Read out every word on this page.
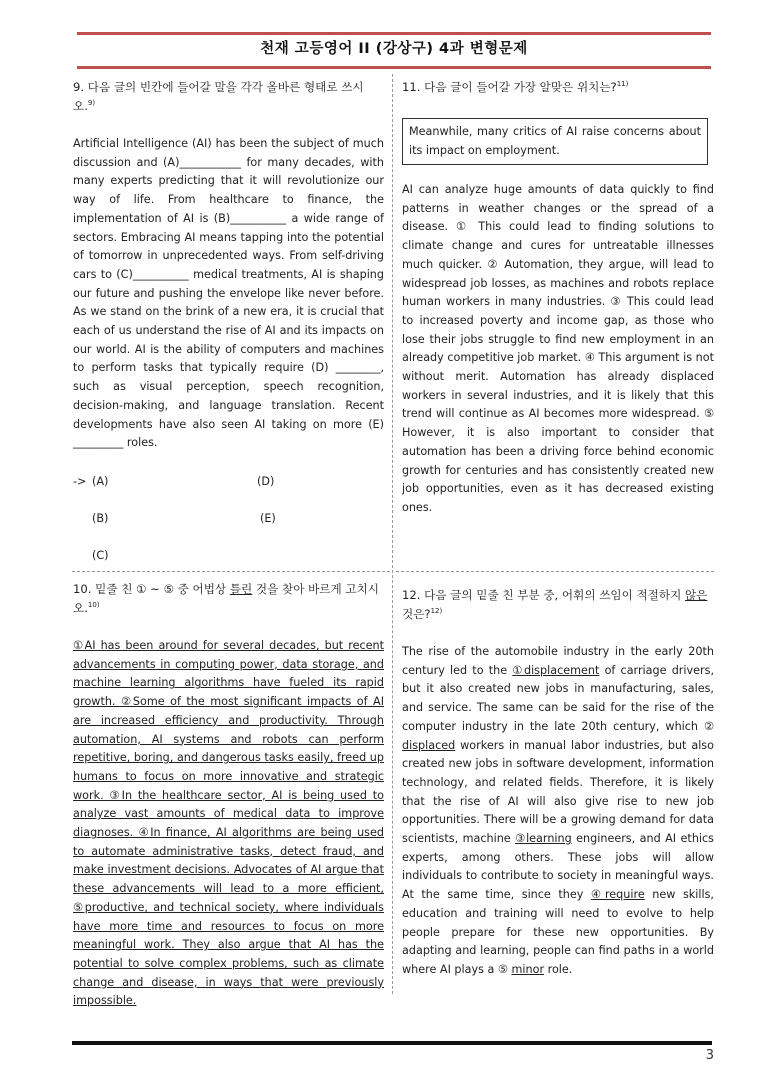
천재 고등영어 II (강상구) 4과 변형문제

9. 다음 글의 빈칸에 들어갈 말을 각각 올바른 형태로 쓰시오.$^{9)}$

Artificial Intelligence (AI) has been the subject of much discussion and (A)___________ for many decades, with many experts predicting that it will revolutionize our way of life. From healthcare to finance, the implementation of AI is (B)__________ a wide range of sectors. Embracing AI means tapping into the potential of tomorrow in unprecedented ways. From self-driving cars to (C)__________ medical treatments, AI is shaping our future and pushing the envelope like never before. As we stand on the brink of a new era, it is crucial that each of us understand the rise of AI and its impacts on our world. AI is the ability of computers and machines to perform tasks that typically require (D) ________, such as visual perception, speech recognition, decision-making, and language translation. Recent developments have also seen AI taking on more (E) _________ roles.

-> (A)	(D)
(B)	(E)
(C)

10. 밑줄 친 ① ~ ⑤ 중 어법상 틀린 것을 찾아 바르게 고치시오.$^{10)}$

①AI has been around for several decades, but recent advancements in computing power, data storage, and machine learning algorithms have fueled its rapid growth. ②Some of the most significant impacts of AI are increased efficiency and productivity. Through automation, AI systems and robots can perform repetitive, boring, and dangerous tasks easily, freed up humans to focus on more innovative and strategic work. ③In the healthcare sector, AI is being used to analyze vast amounts of medical data to improve diagnoses. ④In finance, AI algorithms are being used to automate administrative tasks, detect fraud, and make investment decisions. Advocates of AI argue that these advancements will lead to a more efficient, ⑤productive, and technical society, where individuals have more time and resources to focus on more meaningful work. They also argue that AI has the potential to solve complex problems, such as climate change and disease, in ways that were previously impossible.

11. 다음 글이 들어갈 가장 알맞은 위치는?$^{11)}$

Meanwhile, many critics of AI raise concerns about its impact on employment.

AI can analyze huge amounts of data quickly to find patterns in weather changes or the spread of a disease. ① This could lead to finding solutions to climate change and cures for untreatable illnesses much quicker. ② Automation, they argue, will lead to widespread job losses, as machines and robots replace human workers in many industries. ③ This could lead to increased poverty and income gap, as those who lose their jobs struggle to find new employment in an already competitive job market. ④ This argument is not without merit. Automation has already displaced workers in several industries, and it is likely that this trend will continue as AI becomes more widespread. ⑤ However, it is also important to consider that automation has been a driving force behind economic growth for centuries and has consistently created new job opportunities, even as it has decreased existing ones.

12. 다음 글의 밑줄 친 부분 중, 어휘의 쓰임이 적절하지 않은 것은?$^{12)}$

The rise of the automobile industry in the early 20th century led to the ①displacement of carriage drivers, but it also created new jobs in manufacturing, sales, and service. The same can be said for the rise of the computer industry in the late 20th century, which ② displaced workers in manual labor industries, but also created new jobs in software development, information technology, and related fields. Therefore, it is likely that the rise of AI will also give rise to new job opportunities. There will be a growing demand for data scientists, machine ③learning engineers, and AI ethics experts, among others. These jobs will allow individuals to contribute to society in meaningful ways. At the same time, since they ④require new skills, education and training will need to evolve to help people prepare for these new opportunities. By adapting and learning, people can find paths in a world where AI plays a ⑤ minor role.

3
